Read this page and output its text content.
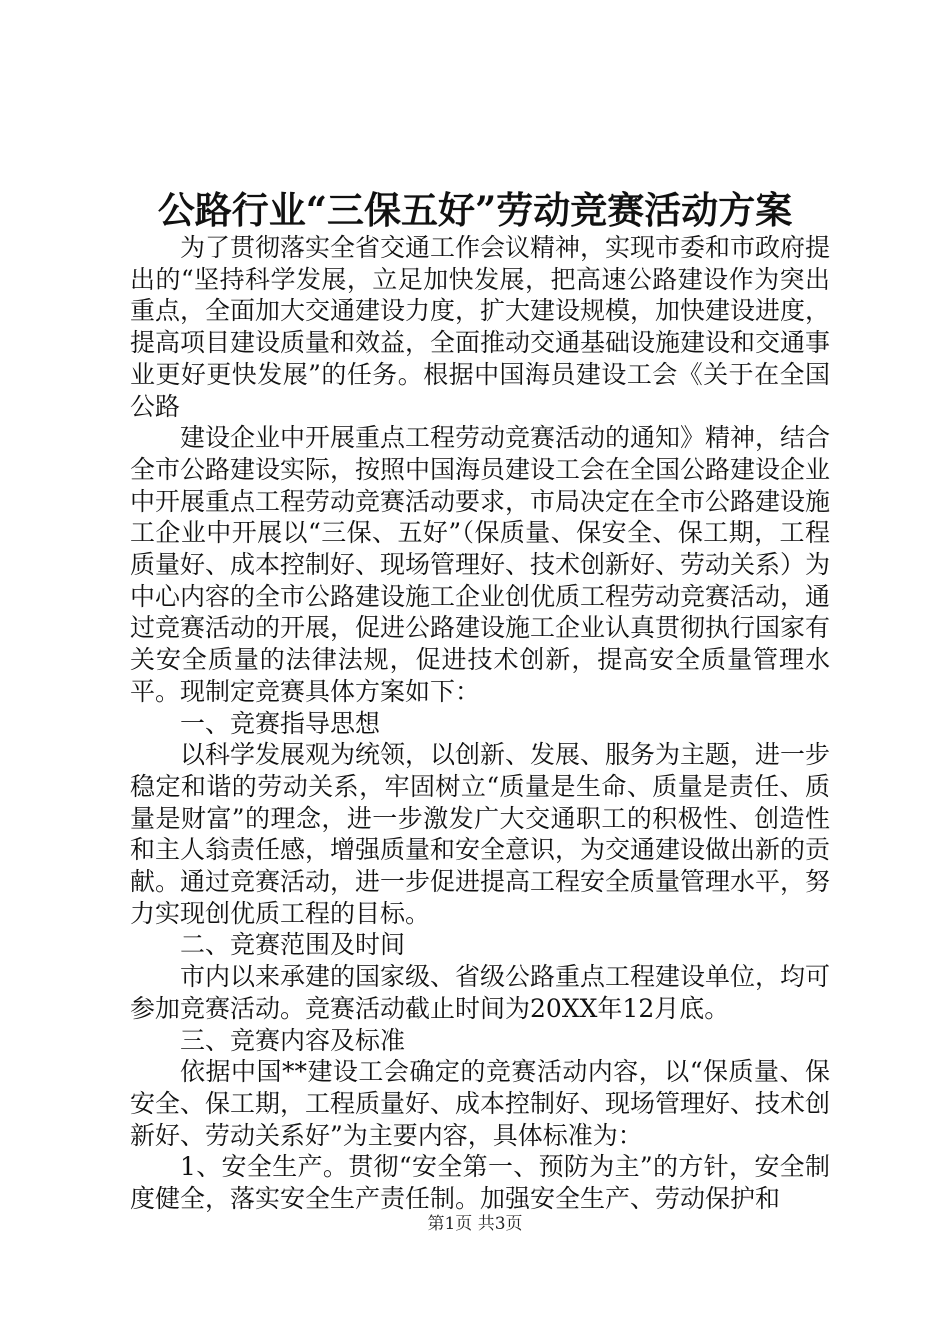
公路行业“三保五好”劳动竞赛活动方案

为了贯彻落实全省交通工作会议精神，实现市委和市政府提出的“坚持科学发展，立足加快发展，把高速公路建设作为突出重点，全面加大交通建设力度，扩大建设规模，加快建设进度，提高项目建设质量和效益，全面推动交通基础设施建设和交通事业更好更快发展”的任务。根据中国海员建设工会《关于在全国公路

建设企业中开展重点工程劳动竞赛活动的通知》精神，结合全市公路建设实际，按照中国海员建设工会在全国公路建设企业中开展重点工程劳动竞赛活动要求，市局决定在全市公路建设施工企业中开展以“三保、五好”（保质量、保安全、保工期，工程质量好、成本控制好、现场管理好、技术创新好、劳动关系）为中心内容的全市公路建设施工企业创优质工程劳动竞赛活动，通过竞赛活动的开展，促进公路建设施工企业认真贯彻执行国家有关安全质量的法律法规，促进技术创新，提高安全质量管理水平。现制定竞赛具体方案如下：

一、竞赛指导思想

以科学发展观为统领，以创新、发展、服务为主题，进一步稳定和谐的劳动关系，牢固树立“质量是生命、质量是责任、质量是财富”的理念，进一步激发广大交通职工的积极性、创造性和主人翁责任感，增强质量和安全意识，为交通建设做出新的贡献。通过竞赛活动，进一步促进提高工程安全质量管理水平，努力实现创优质工程的目标。

二、竞赛范围及时间

市内以来承建的国家级、省级公路重点工程建设单位，均可参加竞赛活动。竞赛活动截止时间为20XX年12月底。

三、竞赛内容及标准

依据中国**建设工会确定的竞赛活动内容，以“保质量、保安全、保工期，工程质量好、成本控制好、现场管理好、技术创新好、劳动关系好”为主要内容，具体标准为：

1、安全生产。贯彻“安全第一、预防为主”的方针，安全制度健全，落实安全生产责任制。加强安全生产、劳动保护和

第1页 共3页
